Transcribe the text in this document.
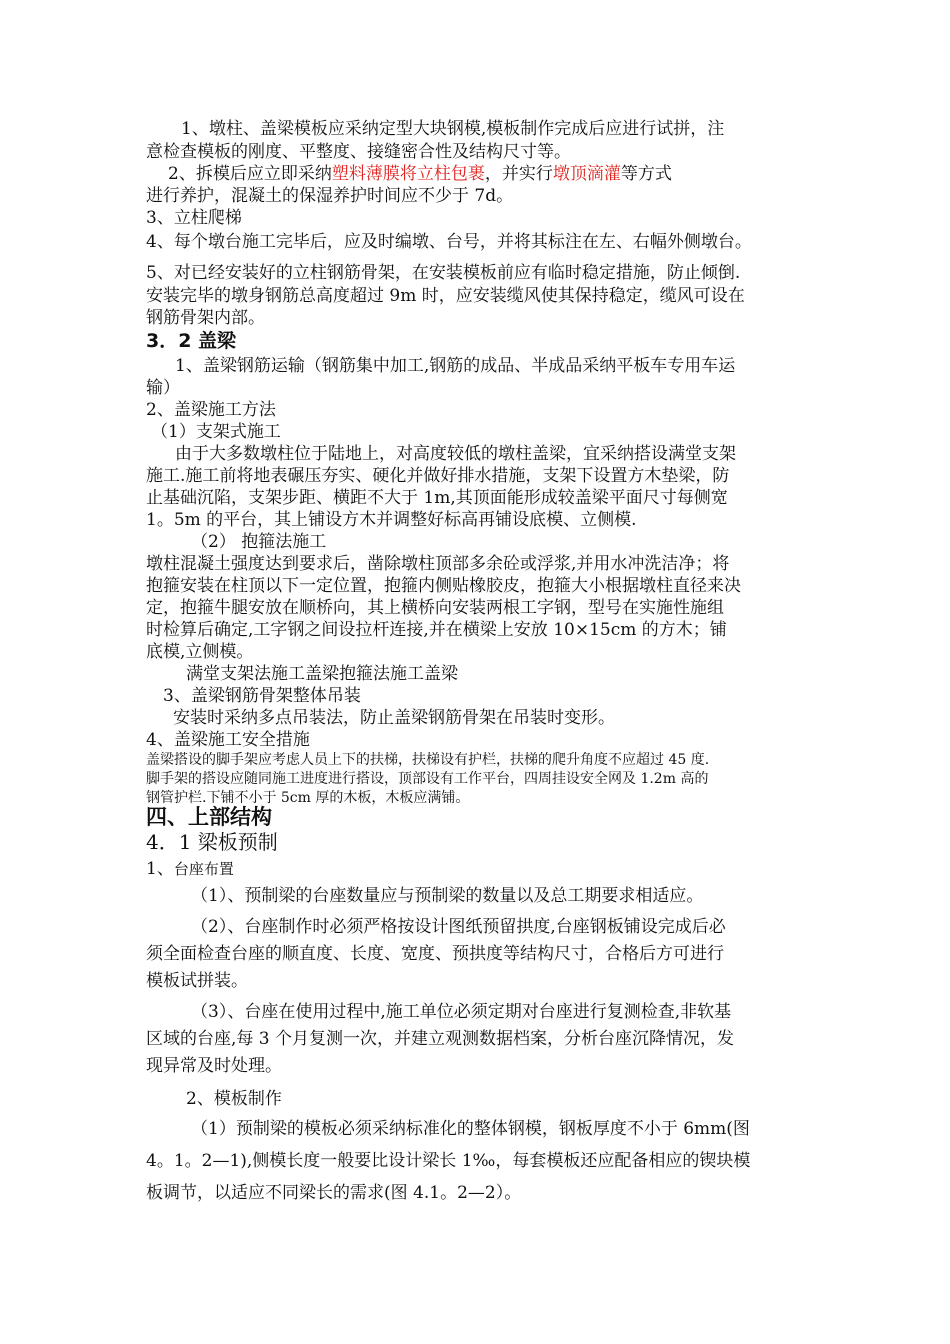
1、墩柱、盖梁模板应采纳定型大块钢模,模板制作完成后应进行试拼，注
意检查模板的刚度、平整度、接缝密合性及结构尺寸等。
2、拆模后应立即采纳塑料薄膜将立柱包裹，并实行墩顶滴灌等方式
进行养护，混凝土的保湿养护时间应不少于 7d。
3、立柱爬梯
4、每个墩台施工完毕后，应及时编墩、台号，并将其标注在左、右幅外侧墩台。
5、对已经安装好的立柱钢筋骨架，在安装模板前应有临时稳定措施，防止倾倒.
安装完毕的墩身钢筋总高度超过 9m 时，应安装缆风使其保持稳定，缆风可设在
钢筋骨架内部。
3．2 盖梁
1、盖梁钢筋运输（钢筋集中加工,钢筋的成品、半成品采纳平板车专用车运
输）
2、盖梁施工方法
（1）支架式施工
由于大多数墩柱位于陆地上，对高度较低的墩柱盖梁，宜采纳搭设满堂支架
施工.施工前将地表碾压夯实、硬化并做好排水措施，支架下设置方木垫梁，防
止基础沉陷，支架步距、横距不大于 1m,其顶面能形成较盖梁平面尺寸每侧宽
1。5m 的平台，其上铺设方木并调整好标高再铺设底模、立侧模.
（2） 抱箍法施工
墩柱混凝土强度达到要求后，凿除墩柱顶部多余砼或浮浆,并用水冲洗洁净；将
抱箍安装在柱顶以下一定位置，抱箍内侧贴橡胶皮，抱箍大小根据墩柱直径来决
定，抱箍牛腿安放在顺桥向，其上横桥向安装两根工字钢，型号在实施性施组
时检算后确定,工字钢之间设拉杆连接,并在横梁上安放 10×15cm 的方木；铺
底模,立侧模。
满堂支架法施工盖梁抱箍法施工盖梁
3、盖梁钢筋骨架整体吊装
安装时采纳多点吊装法，防止盖梁钢筋骨架在吊装时变形。
4、盖梁施工安全措施
盖梁搭设的脚手架应考虑人员上下的扶梯，扶梯设有护栏，扶梯的爬升角度不应超过 45 度.
脚手架的搭设应随同施工进度进行搭设，顶部设有工作平台，四周挂设安全网及 1.2m 高的
钢管护栏.下铺不小于 5cm 厚的木板，木板应满铺。
四、上部结构
4．1 梁板预制
1、台座布置
（1）、预制梁的台座数量应与预制梁的数量以及总工期要求相适应。
（2）、台座制作时必须严格按设计图纸预留拱度,台座钢板铺设完成后必
须全面检查台座的顺直度、长度、宽度、预拱度等结构尺寸，合格后方可进行
模板试拼装。
（3）、台座在使用过程中,施工单位必须定期对台座进行复测检查,非软基
区域的台座,每 3 个月复测一次，并建立观测数据档案，分析台座沉降情况，发
现异常及时处理。
2、模板制作
（1）预制梁的模板必须采纳标准化的整体钢模，钢板厚度不小于 6mm(图
4。1。2—1),侧模长度一般要比设计梁长 1‰，每套模板还应配备相应的锲块模
板调节，以适应不同梁长的需求(图 4.1。2—2）。
